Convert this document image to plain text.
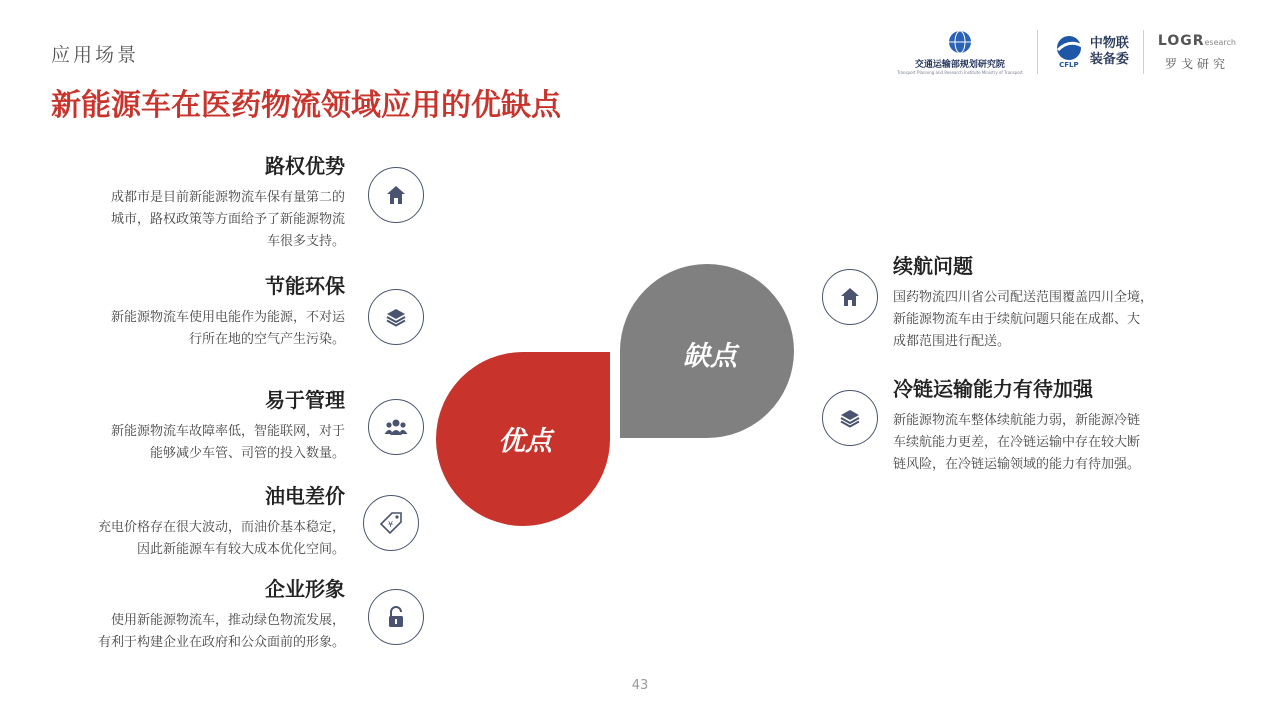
应用场景
新能源车在医药物流领域应用的优缺点
交通运输部规划研究院
Transport Planning and Research Institute Ministry of Transport
CFLP
中物联
装备委
LOGResearch
罗戈研究
优点
缺点
路权优势
成都市是目前新能源物流车保有量第二的
城市，路权政策等方面给予了新能源物流
车很多支持。
节能环保
新能源物流车使用电能作为能源，不对运
行所在地的空气产生污染。
易于管理
新能源物流车故障率低，智能联网，对于
能够减少车管、司管的投入数量。
油电差价
充电价格存在很大波动，而油价基本稳定，
因此新能源车有较大成本优化空间。
¥
企业形象
使用新能源物流车，推动绿色物流发展，
有利于构建企业在政府和公众面前的形象。
续航问题
国药物流四川省公司配送范围覆盖四川全境，
新能源物流车由于续航问题只能在成都、大
成都范围进行配送。
冷链运输能力有待加强
新能源物流车整体续航能力弱，新能源冷链
车续航能力更差，在冷链运输中存在较大断
链风险，在冷链运输领域的能力有待加强。
43
